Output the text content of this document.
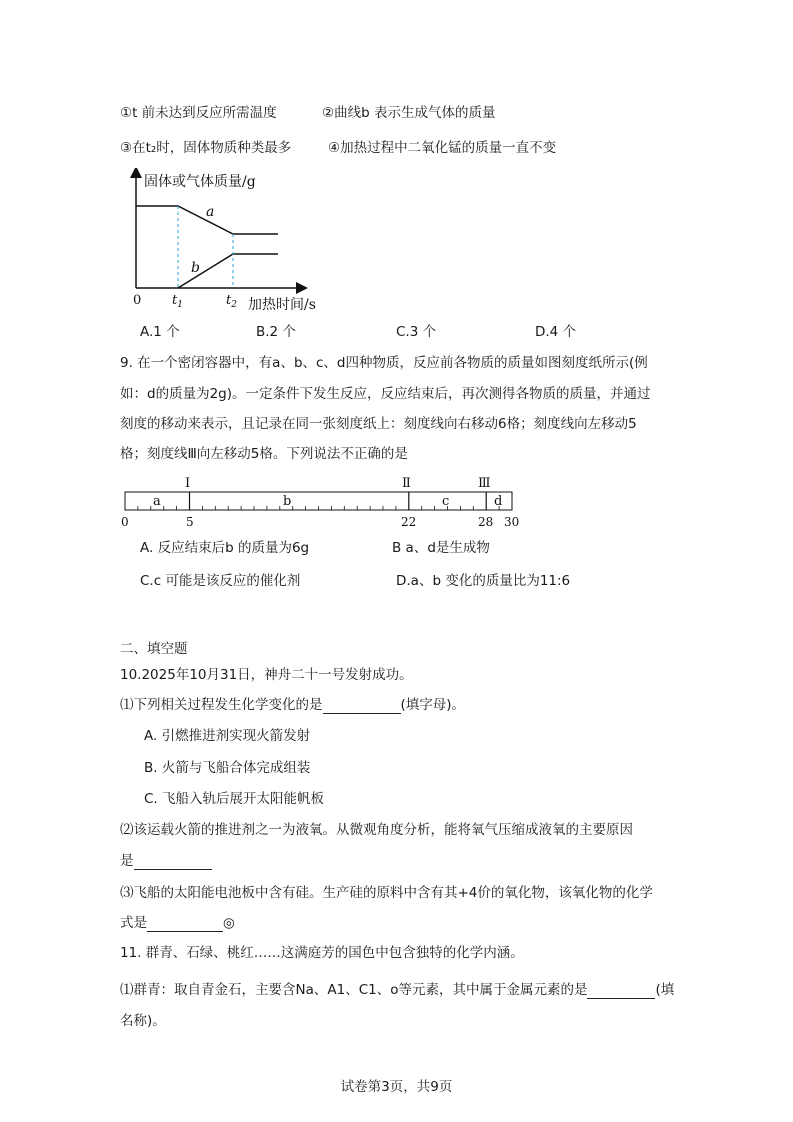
①t 前未达到反应所需温度	②曲线b 表示生成气体的质量
③在t₂时，固体物质种类最多	④加热过程中二氧化锰的质量一直不变
固体或气体质量/g
a
b
0 $t_1$	$t_2$ 加热时间/s
A.1 个	B.2 个	C.3 个	D.4 个
9. 在一个密闭容器中，有a、b、c、d四种物质，反应前各物质的质量如图刻度纸所示(例
如：d的质量为2g)。一定条件下发生反应，反应结束后，再次测得各物质的质量，并通过
刻度的移动来表示，且记录在同一张刻度纸上：刻度线向右移动6格；刻度线向左移动5
格；刻度线Ⅲ向左移动5格。下列说法不正确的是
Ⅰ	Ⅱ	Ⅲ
a	b	c	d
0	5	22	28 30
A. 反应结束后b 的质量为6g	B a、d是生成物
C.c 可能是该反应的催化剂	D.a、b 变化的质量比为11:6
二、填空题
10.2025年10月31日，神舟二十一号发射成功。
⑴下列相关过程发生化学变化的是	(填字母)。
A. 引燃推进剂实现火箭发射
B. 火箭与飞船合体完成组装
C. 飞船入轨后展开太阳能帆板
⑵该运载火箭的推进剂之一为液氧。从微观角度分析，能将氧气压缩成液氧的主要原因
是
⑶飞船的太阳能电池板中含有硅。生产硅的原料中含有其+4价的氧化物，该氧化物的化学
式是	◎
11. 群青、石绿、桃红……这满庭芳的国色中包含独特的化学内涵。
⑴群青：取自青金石，主要含Na、A1、C1、o等元素，其中属于金属元素的是	(填
名称)。
试卷第3页，共9页
